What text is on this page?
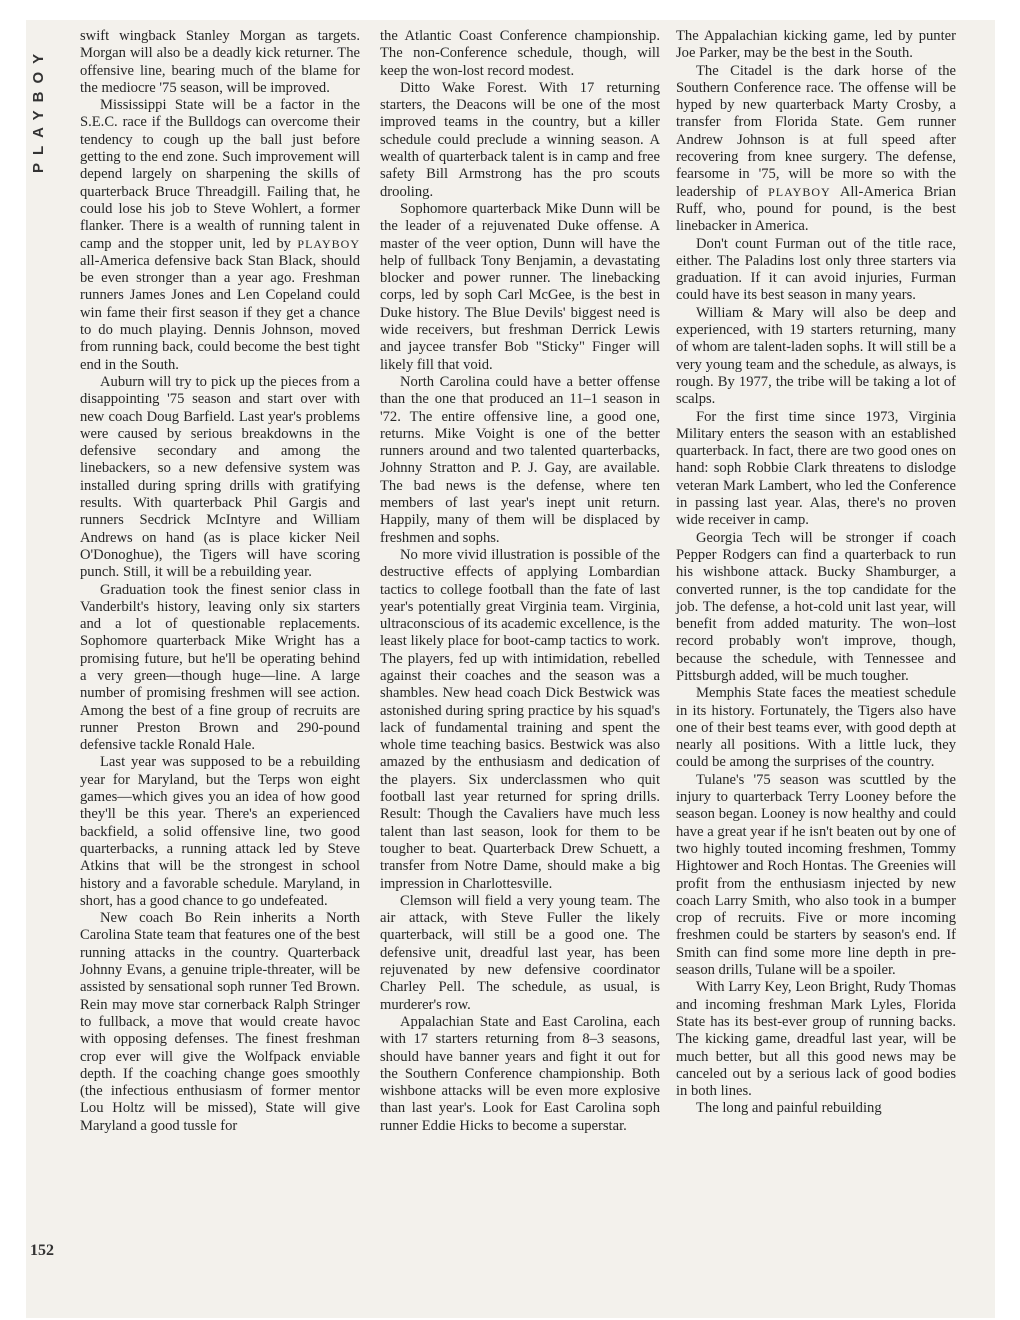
PLAYBOY

swift wingback Stanley Morgan as targets. Morgan will also be a deadly kick returner. The offensive line, bearing much of the blame for the mediocre '75 season, will be improved.

Mississippi State will be a factor in the S.E.C. race if the Bulldogs can overcome their tendency to cough up the ball just before getting to the end zone. Such improvement will depend largely on sharpening the skills of quarterback Bruce Threadgill. Failing that, he could lose his job to Steve Wohlert, a former flanker. There is a wealth of running talent in camp and the stopper unit, led by PLAYBOY all-America defensive back Stan Black, should be even stronger than a year ago. Freshman runners James Jones and Len Copeland could win fame their first season if they get a chance to do much playing. Dennis Johnson, moved from running back, could become the best tight end in the South.

Auburn will try to pick up the pieces from a disappointing '75 season and start over with new coach Doug Barfield. Last year's problems were caused by serious breakdowns in the defensive secondary and among the linebackers, so a new defensive system was installed during spring drills with gratifying results. With quarterback Phil Gargis and runners Secdrick McIntyre and William Andrews on hand (as is place kicker Neil O'Donoghue), the Tigers will have scoring punch. Still, it will be a rebuilding year.

Graduation took the finest senior class in Vanderbilt's history, leaving only six starters and a lot of questionable replacements. Sophomore quarterback Mike Wright has a promising future, but he'll be operating behind a very green—though huge—line. A large number of promising freshmen will see action. Among the best of a fine group of recruits are runner Preston Brown and 290-pound defensive tackle Ronald Hale.

Last year was supposed to be a rebuilding year for Maryland, but the Terps won eight games—which gives you an idea of how good they'll be this year. There's an experienced backfield, a solid offensive line, two good quarterbacks, a running attack led by Steve Atkins that will be the strongest in school history and a favorable schedule. Maryland, in short, has a good chance to go undefeated.

New coach Bo Rein inherits a North Carolina State team that features one of the best running attacks in the country. Quarterback Johnny Evans, a genuine triple-threater, will be assisted by sensational soph runner Ted Brown. Rein may move star cornerback Ralph Stringer to fullback, a move that would create havoc with opposing defenses. The finest freshman crop ever will give the Wolfpack enviable depth. If the coaching change goes smoothly (the infectious enthusiasm of former mentor Lou Holtz will be missed), State will give Maryland a good tussle for

the Atlantic Coast Conference championship. The non-Conference schedule, though, will keep the won-lost record modest.

Ditto Wake Forest. With 17 returning starters, the Deacons will be one of the most improved teams in the country, but a killer schedule could preclude a winning season. A wealth of quarterback talent is in camp and free safety Bill Armstrong has the pro scouts drooling.

Sophomore quarterback Mike Dunn will be the leader of a rejuvenated Duke offense. A master of the veer option, Dunn will have the help of fullback Tony Benjamin, a devastating blocker and power runner. The linebacking corps, led by soph Carl McGee, is the best in Duke history. The Blue Devils' biggest need is wide receivers, but freshman Derrick Lewis and jaycee transfer Bob "Sticky" Finger will likely fill that void.

North Carolina could have a better offense than the one that produced an 11–1 season in '72. The entire offensive line, a good one, returns. Mike Voight is one of the better runners around and two talented quarterbacks, Johnny Stratton and P. J. Gay, are available. The bad news is the defense, where ten members of last year's inept unit return. Happily, many of them will be displaced by freshmen and sophs.

No more vivid illustration is possible of the destructive effects of applying Lombardian tactics to college football than the fate of last year's potentially great Virginia team. Virginia, ultraconscious of its academic excellence, is the least likely place for boot-camp tactics to work. The players, fed up with intimidation, rebelled against their coaches and the season was a shambles. New head coach Dick Bestwick was astonished during spring practice by his squad's lack of fundamental training and spent the whole time teaching basics. Bestwick was also amazed by the enthusiasm and dedication of the players. Six underclassmen who quit football last year returned for spring drills. Result: Though the Cavaliers have much less talent than last season, look for them to be tougher to beat. Quarterback Drew Schuett, a transfer from Notre Dame, should make a big impression in Charlottesville.

Clemson will field a very young team. The air attack, with Steve Fuller the likely quarterback, will still be a good one. The defensive unit, dreadful last year, has been rejuvenated by new defensive coordinator Charley Pell. The schedule, as usual, is murderer's row.

Appalachian State and East Carolina, each with 17 starters returning from 8–3 seasons, should have banner years and fight it out for the Southern Conference championship. Both wishbone attacks will be even more explosive than last year's. Look for East Carolina soph runner Eddie Hicks to become a superstar.

The Appalachian kicking game, led by punter Joe Parker, may be the best in the South.

The Citadel is the dark horse of the Southern Conference race. The offense will be hyped by new quarterback Marty Crosby, a transfer from Florida State. Gem runner Andrew Johnson is at full speed after recovering from knee surgery. The defense, fearsome in '75, will be more so with the leadership of PLAYBOY All-America Brian Ruff, who, pound for pound, is the best linebacker in America.

Don't count Furman out of the title race, either. The Paladins lost only three starters via graduation. If it can avoid injuries, Furman could have its best season in many years.

William & Mary will also be deep and experienced, with 19 starters returning, many of whom are talent-laden sophs. It will still be a very young team and the schedule, as always, is rough. By 1977, the tribe will be taking a lot of scalps.

For the first time since 1973, Virginia Military enters the season with an established quarterback. In fact, there are two good ones on hand: soph Robbie Clark threatens to dislodge veteran Mark Lambert, who led the Conference in passing last year. Alas, there's no proven wide receiver in camp.

Georgia Tech will be stronger if coach Pepper Rodgers can find a quarterback to run his wishbone attack. Bucky Shamburger, a converted runner, is the top candidate for the job. The defense, a hot-cold unit last year, will benefit from added maturity. The won–lost record probably won't improve, though, because the schedule, with Tennessee and Pittsburgh added, will be much tougher.

Memphis State faces the meatiest schedule in its history. Fortunately, the Tigers also have one of their best teams ever, with good depth at nearly all positions. With a little luck, they could be among the surprises of the country.

Tulane's '75 season was scuttled by the injury to quarterback Terry Looney before the season began. Looney is now healthy and could have a great year if he isn't beaten out by one of two highly touted incoming freshmen, Tommy Hightower and Roch Hontas. The Greenies will profit from the enthusiasm injected by new coach Larry Smith, who also took in a bumper crop of recruits. Five or more incoming freshmen could be starters by season's end. If Smith can find some more line depth in pre-season drills, Tulane will be a spoiler.

With Larry Key, Leon Bright, Rudy Thomas and incoming freshman Mark Lyles, Florida State has its best-ever group of running backs. The kicking game, dreadful last year, will be much better, but all this good news may be canceled out by a serious lack of good bodies in both lines.

The long and painful rebuilding

152
